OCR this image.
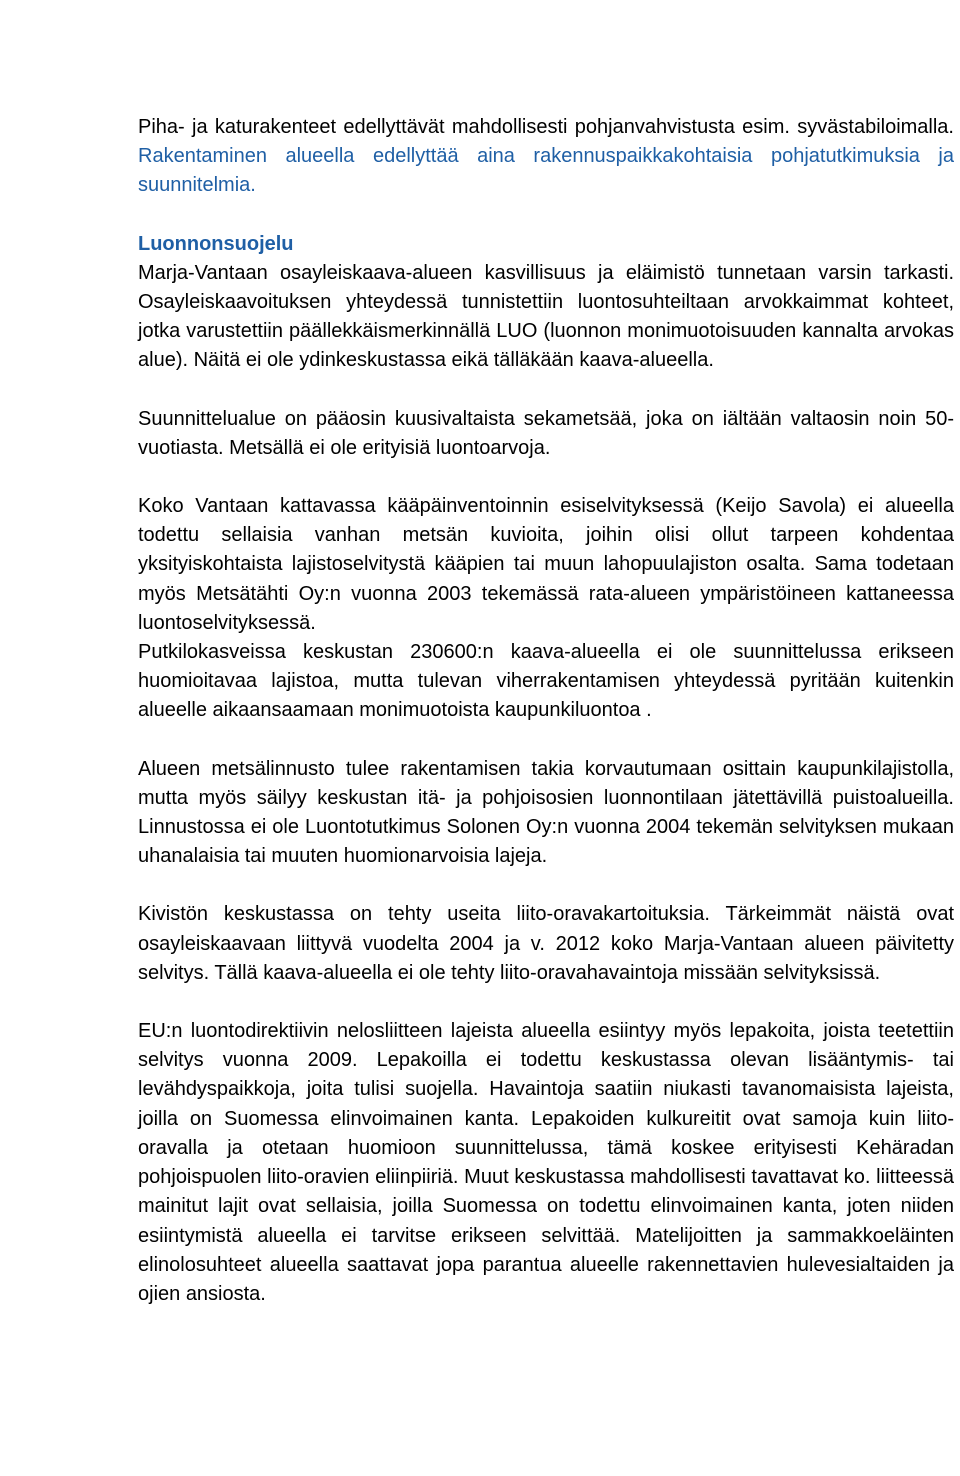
Asemakaava ja asemakaavanmuutos, kaupunginosanrajan muutos ja tonttijako,
Piispankylä ja Kivistö, 232000 23.2.2015
13/75

Piha- ja katurakenteet edellyttävät mahdollisesti pohjanvahvistusta esim. syvästabiloimalla. Rakentaminen alueella edellyttää aina rakennuspaikkakohtaisia pohjatutkimuksia ja suunnitelmia.

Luonnonsuojelu

Marja-Vantaan osayleiskaava-alueen kasvillisuus ja eläimistö tunnetaan varsin tarkasti. Osayleiskaavoituksen yhteydessä tunnistettiin luontosuhteiltaan arvokkaimmat kohteet, jotka varustettiin päällekkäismerkinnällä LUO (luonnon monimuotoisuuden kannalta arvokas alue). Näitä ei ole ydinkeskustassa eikä tälläkään kaava-alueella.

Suunnittelualue on pääosin kuusivaltaista sekametsää, joka on iältään valtaosin noin 50-vuotiasta. Metsällä ei ole erityisiä luontoarvoja.

Koko Vantaan kattavassa kääpäinventoinnin esiselvityksessä (Keijo Savola) ei alueella todettu sellaisia vanhan metsän kuvioita, joihin olisi ollut tarpeen kohdentaa yksityiskohtaista lajistoselvitystä kääpien tai muun lahopuulajiston osalta. Sama todetaan myös Metsätähti Oy:n vuonna 2003 tekemässä rata-alueen ympäristöineen kattaneessa luontoselvityksessä.

Putkilokasveissa keskustan 230600:n kaava-alueella ei ole suunnittelussa erikseen huomioitavaa lajistoa, mutta tulevan viherrakentamisen yhteydessä pyritään kuitenkin alueelle aikaansaamaan monimuotoista kaupunkiluontoa .

Alueen metsälinnusto tulee rakentamisen takia korvautumaan osittain kaupunkilajistolla, mutta myös säilyy keskustan itä- ja pohjoisosien luonnontilaan jätettävillä puistoalueilla. Linnustossa ei ole Luontotutkimus Solonen Oy:n vuonna 2004 tekemän selvityksen mukaan uhanalaisia tai muuten huomionarvoisia lajeja.

Kivistön keskustassa on tehty useita liito-oravakartoituksia. Tärkeimmät näistä ovat osayleiskaavaan liittyvä vuodelta 2004 ja v. 2012 koko Marja-Vantaan alueen päivitetty selvitys. Tällä kaava-alueella ei ole tehty liito-oravahavaintoja missään selvityksissä.

EU:n luontodirektiivin nelosliitteen lajeista alueella esiintyy myös lepakoita, joista teetettiin selvitys vuonna 2009. Lepakoilla ei todettu keskustassa olevan lisääntymis- tai levähdyspaikkoja, joita tulisi suojella. Havaintoja saatiin niukasti tavanomaisista lajeista, joilla on Suomessa elinvoimainen kanta. Lepakoiden kulkureitit ovat samoja kuin liito-oravalla ja otetaan huomioon suunnittelussa, tämä koskee erityisesti Kehäradan pohjoispuolen liito-oravien eliinpiiriä. Muut keskustassa mahdollisesti tavattavat ko. liitteessä mainitut lajit ovat sellaisia, joilla Suomessa on todettu elinvoimainen kanta, joten niiden esiintymistä alueella ei tarvitse erikseen selvittää. Matelijoitten ja sammakkoeläinten elinolosuhteet alueella saattavat jopa parantua alueelle rakennettavien hulevesialtaiden ja ojien ansiosta.
